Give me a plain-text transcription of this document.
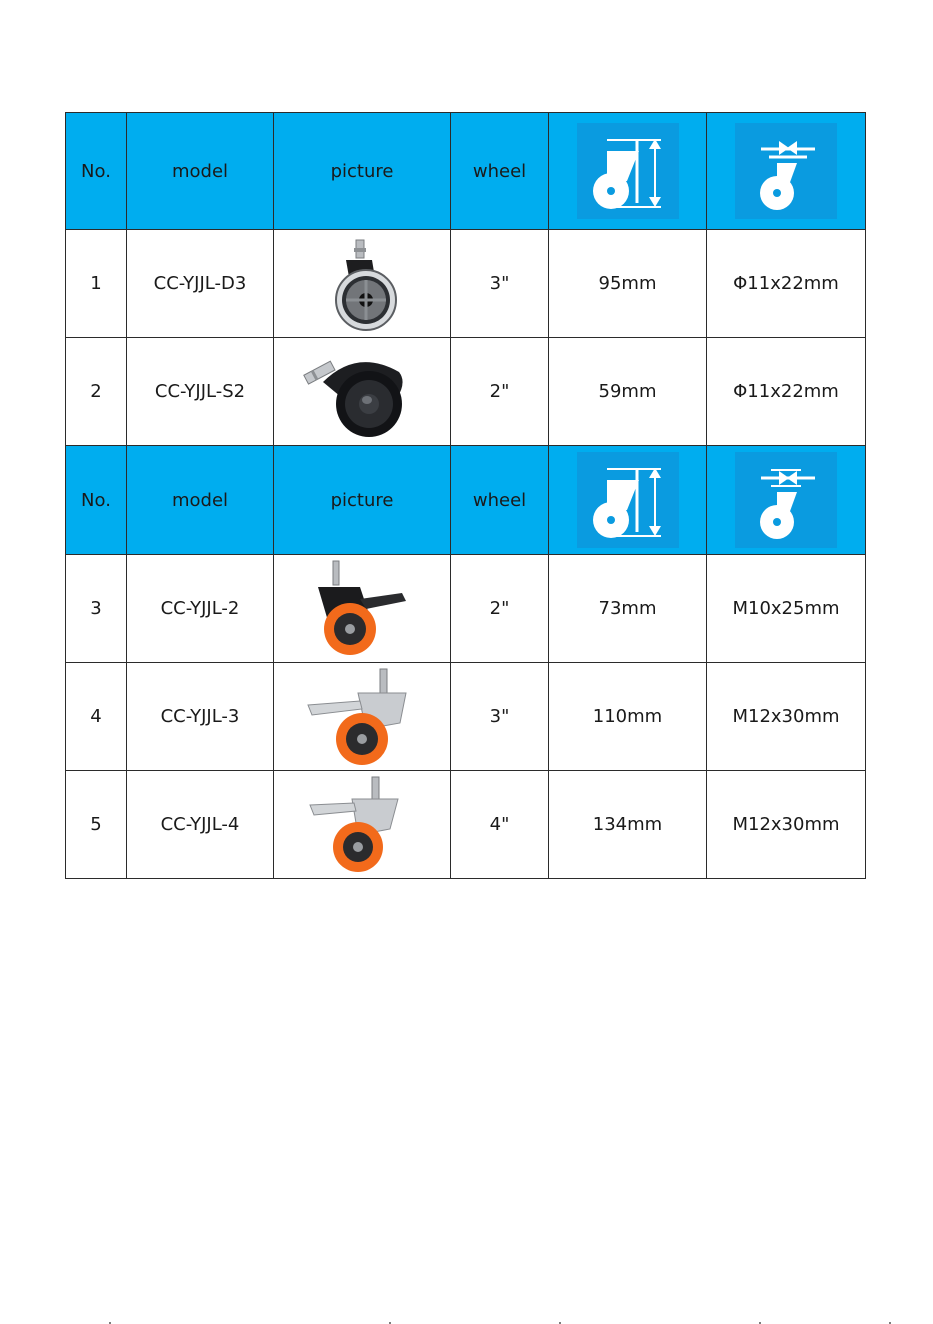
No.	model	picture	wheel	

1	CC-YJJL-D3		3"	95mm	Φ11x22mm
2	CC-YJJL-S2		2"	59mm	Φ11x22mm
No.	model	picture	wheel	

3	CC-YJJL-2		2"	73mm	M10x25mm
4	CC-YJJL-3		3"	110mm	M12x30mm
5	CC-YJJL-4		4"	134mm	M12x30mm
